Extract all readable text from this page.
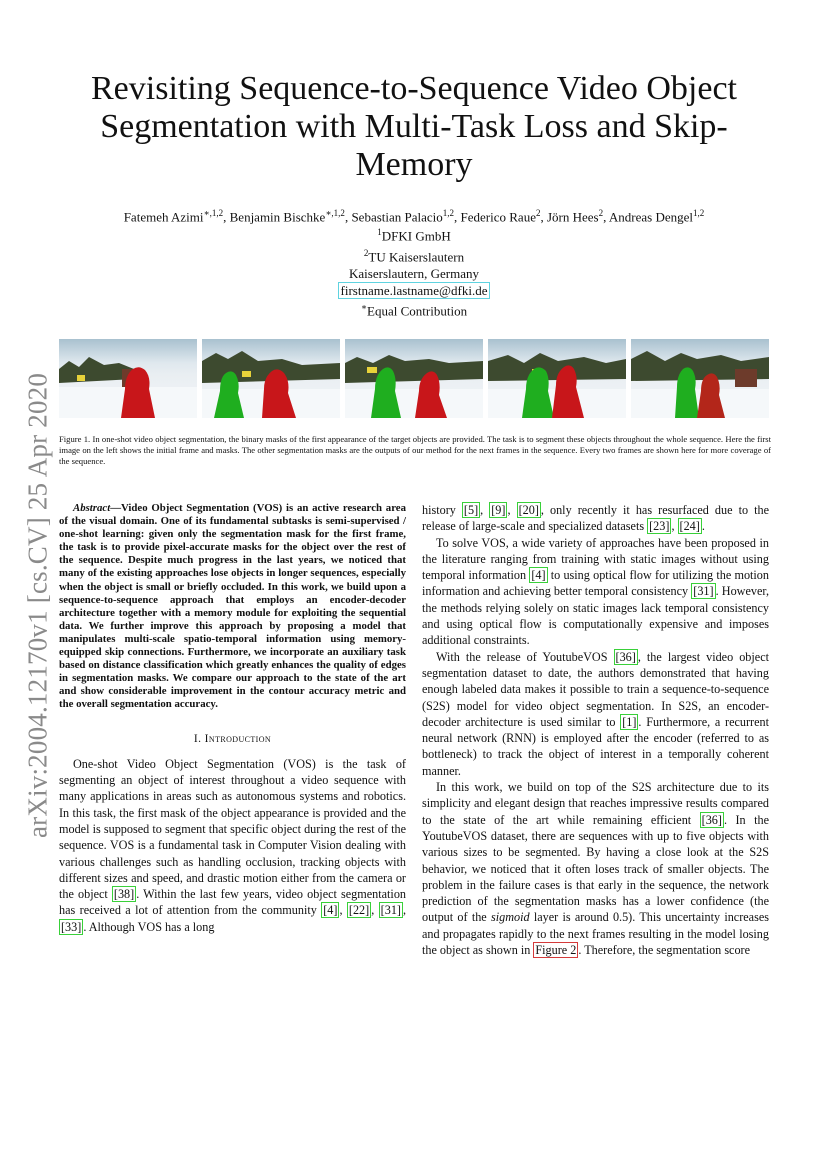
arXiv:2004.12170v1 [cs.CV] 25 Apr 2020
Revisiting Sequence-to-Sequence Video Object Segmentation with Multi-Task Loss and Skip-Memory
Fatemeh Azimi$^{∗,1,2}$, Benjamin Bischke$^{∗,1,2}$, Sebastian Palacio$^{1,2}$, Federico Raue$^2$, Jörn Hees$^2$, Andreas Dengel$^{1,2}$
$^1$DFKI GmbH
$^2$TU Kaiserslautern
Kaiserslautern, Germany
firstname.lastname@dfki.de
∗Equal Contribution
Figure 1. In one-shot video object segmentation, the binary masks of the first appearance of the target objects are provided. The task is to segment these objects throughout the whole sequence. Here the first image on the left shows the initial frame and masks. The other segmentation masks are the outputs of our method for the next frames in the sequence. Every two frames are shown here for more coverage of the sequence.

Abstract—Video Object Segmentation (VOS) is an active research area of the visual domain. One of its fundamental subtasks is semi-supervised / one-shot learning: given only the segmentation mask for the first frame, the task is to provide pixel-accurate masks for the object over the rest of the sequence. Despite much progress in the last years, we noticed that many of the existing approaches lose objects in longer sequences, especially when the object is small or briefly occluded. In this work, we build upon a sequence-to-sequence approach that employs an encoder-decoder architecture together with a memory module for exploiting the sequential data. We further improve this approach by proposing a model that manipulates multi-scale spatio-temporal information using memory-equipped skip connections. Furthermore, we incorporate an auxiliary task based on distance classification which greatly enhances the quality of edges in segmentation masks. We compare our approach to the state of the art and show considerable improvement in the contour accuracy metric and the overall segmentation accuracy.

I. Introduction

One-shot Video Object Segmentation (VOS) is the task of segmenting an object of interest throughout a video sequence with many applications in areas such as autonomous systems and robotics. In this task, the first mask of the object appearance is provided and the model is supposed to segment that specific object during the rest of the sequence. VOS is a fundamental task in Computer Vision dealing with various challenges such as handling occlusion, tracking objects with different sizes and speed, and drastic motion either from the camera or the object [38] . Within the last few years, video object segmentation has received a lot of attention from the community [4] , [22] , [31] , [33] . Although VOS has a long

history [5] , [9] , [20] , only recently it has resurfaced due to the release of large-scale and specialized datasets [23] , [24] .

To solve VOS, a wide variety of approaches have been proposed in the literature ranging from training with static images without using temporal information [4] to using optical flow for utilizing the motion information and achieving better temporal consistency [31] . However, the methods relying solely on static images lack temporal consistency and using optical flow is computationally expensive and imposes additional constraints.

With the release of YoutubeVOS [36] , the largest video object segmentation dataset to date, the authors demonstrated that having enough labeled data makes it possible to train a sequence-to-sequence (S2S) model for video object segmentation. In S2S, an encoder-decoder architecture is used similar to [1] . Furthermore, a recurrent neural network (RNN) is employed after the encoder (referred to as bottleneck) to track the object of interest in a temporally coherent manner.

In this work, we build on top of the S2S architecture due to its simplicity and elegant design that reaches impressive results compared to the state of the art while remaining efficient [36] . In the YoutubeVOS dataset, there are sequences with up to five objects with various sizes to be segmented. By having a close look at the S2S behavior, we noticed that it often loses track of smaller objects. The problem in the failure cases is that early in the sequence, the network prediction of the segmentation masks has a lower confidence (the output of the sigmoid layer is around 0.5). This uncertainty increases and propagates rapidly to the next frames resulting in the model losing the object as shown in Figure 2 . Therefore, the segmentation score
